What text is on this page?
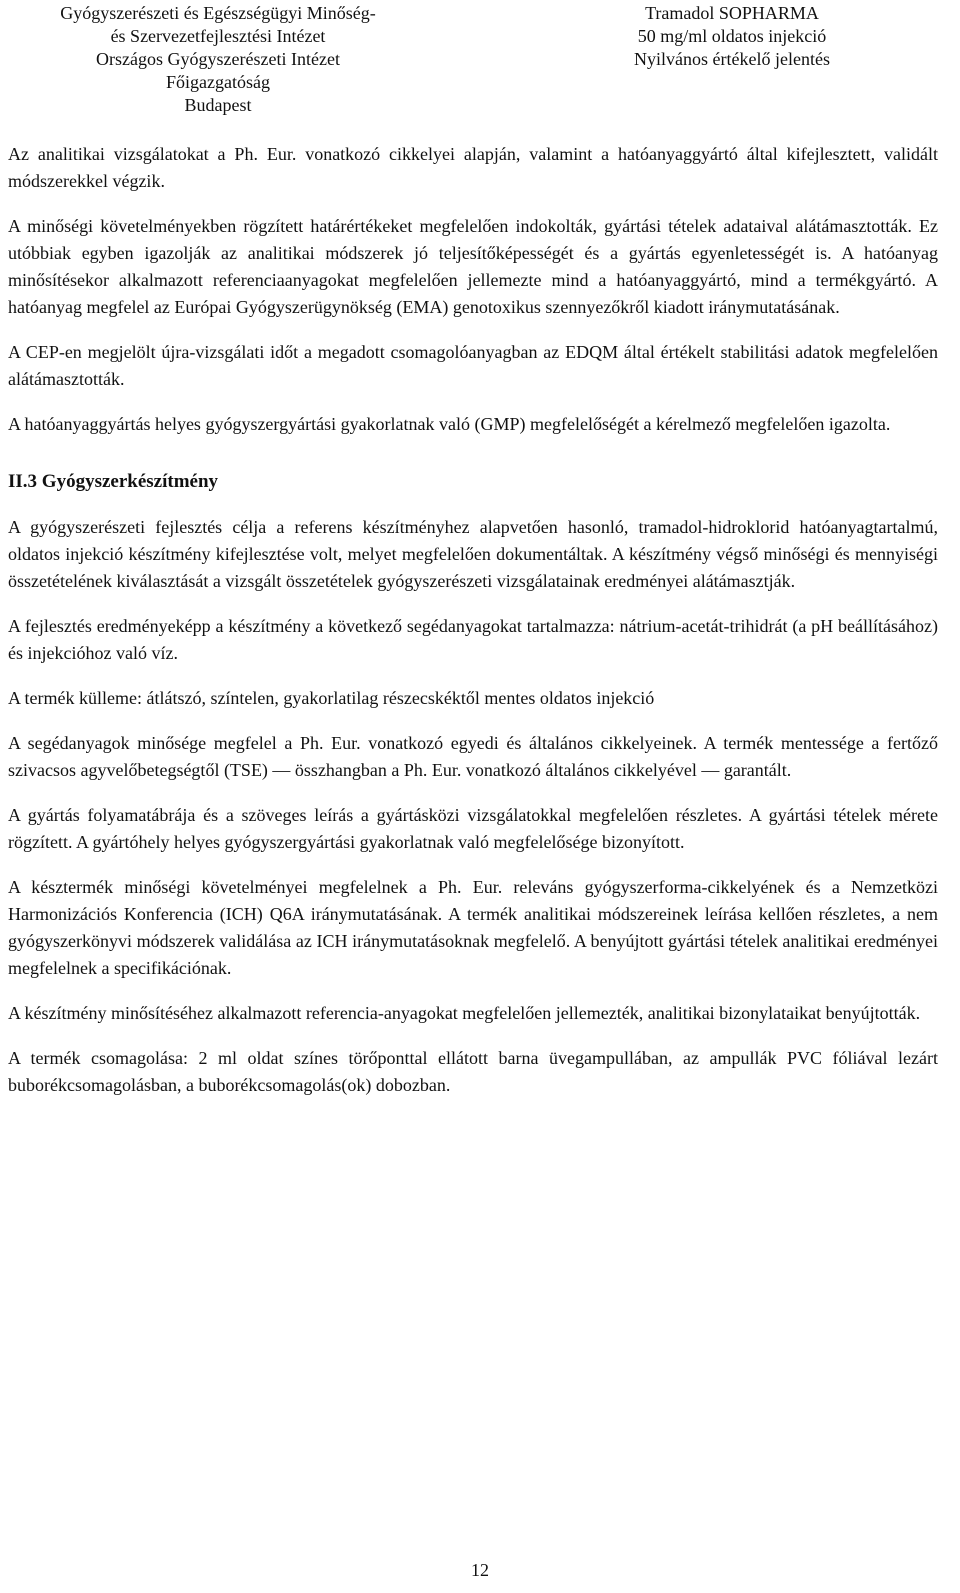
Gyógyszerészeti és Egészségügyi Minőség-
és Szervezetfejlesztési Intézet
Országos Gyógyszerészeti Intézet
Főigazgatóság
Budapest
Tramadol SOPHARMA
50 mg/ml oldatos injekció
Nyilvános értékelő jelentés

Az analitikai vizsgálatokat a Ph. Eur. vonatkozó cikkelyei alapján, valamint a hatóanyaggyártó által kifejlesztett, validált módszerekkel végzik.

A minőségi követelményekben rögzített határértékeket megfelelően indokolták, gyártási tételek adataival alátámasztották. Ez utóbbiak egyben igazolják az analitikai módszerek jó teljesítőképességét és a gyártás egyenletességét is. A hatóanyag minősítésekor alkalmazott referenciaanyagokat megfelelően jellemezte mind a hatóanyaggyártó, mind a termékgyártó. A hatóanyag megfelel az Európai Gyógyszerügynökség (EMA) genotoxikus szennyezőkről kiadott iránymutatásának.

A CEP-en megjelölt újra-vizsgálati időt a megadott csomagolóanyagban az EDQM által értékelt stabilitási adatok megfelelően alátámasztották.

A hatóanyaggyártás helyes gyógyszergyártási gyakorlatnak való (GMP) megfelelőségét a kérelmező megfelelően igazolta.

II.3 Gyógyszerkészítmény

A gyógyszerészeti fejlesztés célja a referens készítményhez alapvetően hasonló, tramadol-hidroklorid hatóanyagtartalmú, oldatos injekció készítmény kifejlesztése volt, melyet megfelelően dokumentáltak. A készítmény végső minőségi és mennyiségi összetételének kiválasztását a vizsgált összetételek gyógyszerészeti vizsgálatainak eredményei alátámasztják.

A fejlesztés eredményeképp a készítmény a következő segédanyagokat tartalmazza: nátrium-acetát-trihidrát (a pH beállításához) és injekcióhoz való víz.

A termék külleme: átlátszó, színtelen, gyakorlatilag részecskéktől mentes oldatos injekció

A segédanyagok minősége megfelel a Ph. Eur. vonatkozó egyedi és általános cikkelyeinek. A termék mentessége a fertőző szivacsos agyvelőbetegségtől (TSE) — összhangban a Ph. Eur. vonatkozó általános cikkelyével — garantált.

A gyártás folyamatábrája és a szöveges leírás a gyártásközi vizsgálatokkal megfelelően részletes. A gyártási tételek mérete rögzített. A gyártóhely helyes gyógyszergyártási gyakorlatnak való megfelelősége bizonyított.

A késztermék minőségi követelményei megfelelnek a Ph. Eur. releváns gyógyszerforma-cikkelyének és a Nemzetközi Harmonizációs Konferencia (ICH) Q6A iránymutatásának. A termék analitikai módszereinek leírása kellően részletes, a nem gyógyszerkönyvi módszerek validálása az ICH iránymutatásoknak megfelelő. A benyújtott gyártási tételek analitikai eredményei megfelelnek a specifikációnak.

A készítmény minősítéséhez alkalmazott referencia-anyagokat megfelelően jellemezték, analitikai bizonylataikat benyújtották.

A termék csomagolása: 2 ml oldat színes törőponttal ellátott barna üvegampullában, az ampullák PVC fóliával lezárt buborékcsomagolásban, a buborékcsomagolás(ok) dobozban.

12
